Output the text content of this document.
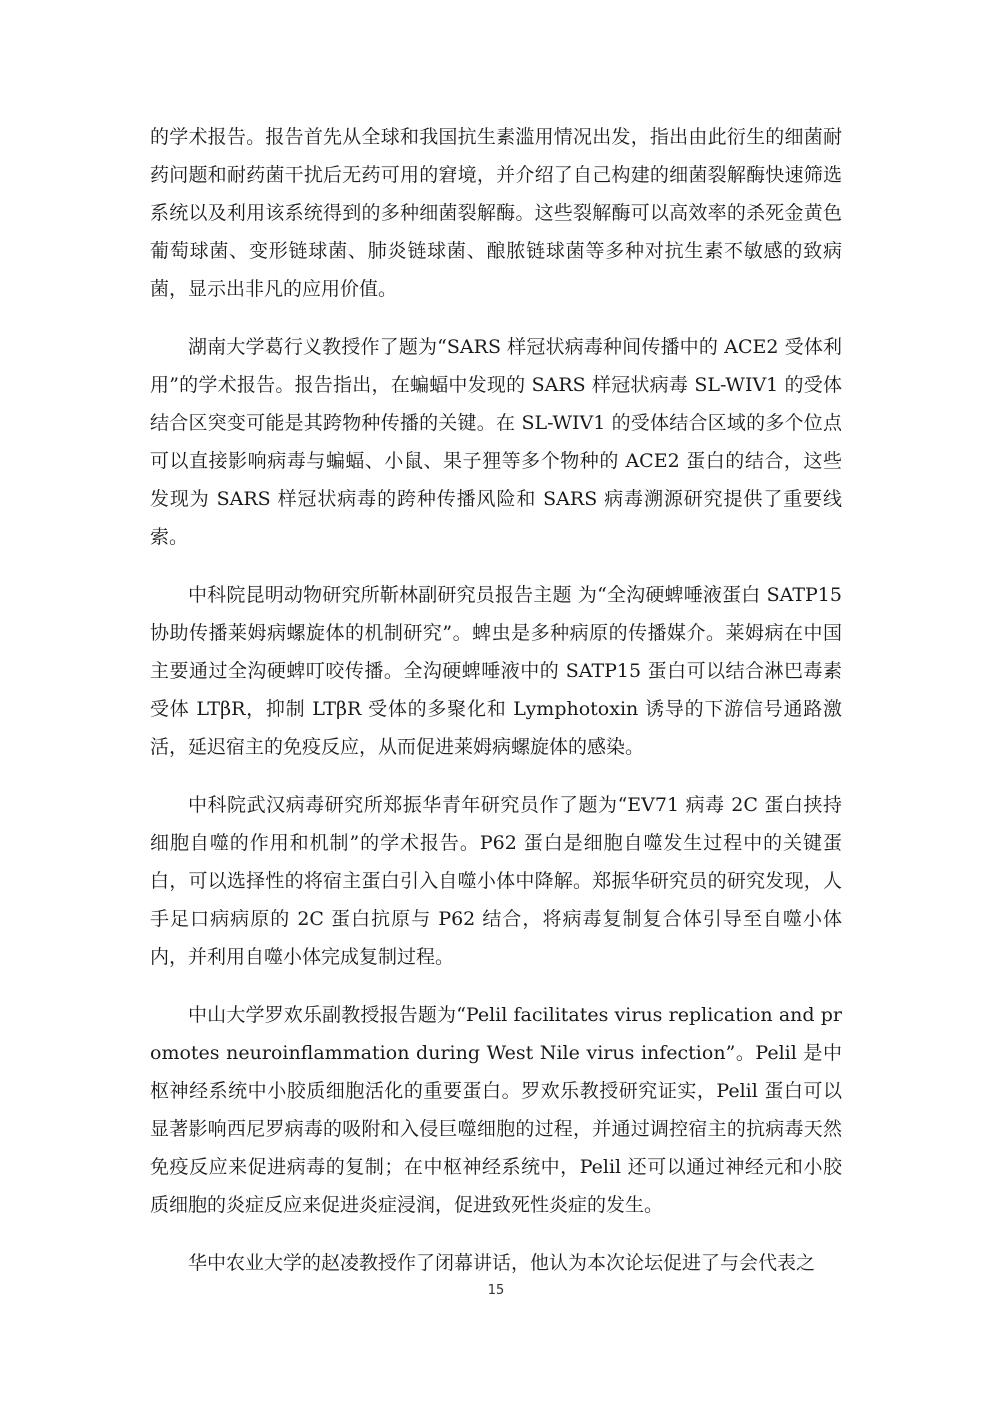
的学术报告。报告首先从全球和我国抗生素滥用情况出发，指出由此衍生的细菌耐药问题和耐药菌干扰后无药可用的窘境，并介绍了自己构建的细菌裂解酶快速筛选系统以及利用该系统得到的多种细菌裂解酶。这些裂解酶可以高效率的杀死金黄色葡萄球菌、变形链球菌、肺炎链球菌、酿脓链球菌等多种对抗生素不敏感的致病菌，显示出非凡的应用价值。

湖南大学葛行义教授作了题为“SARS 样冠状病毒种间传播中的 ACE2 受体利用”的学术报告。报告指出，在蝙蝠中发现的 SARS 样冠状病毒 SL-WIV1 的受体结合区突变可能是其跨物种传播的关键。在 SL-WIV1 的受体结合区域的多个位点可以直接影响病毒与蝙蝠、小鼠、果子狸等多个物种的 ACE2 蛋白的结合，这些发现为 SARS 样冠状病毒的跨种传播风险和 SARS 病毒溯源研究提供了重要线索。

中科院昆明动物研究所靳林副研究员报告主题 为“全沟硬蜱唾液蛋白 SATP15 协助传播莱姆病螺旋体的机制研究”。蜱虫是多种病原的传播媒介。莱姆病在中国主要通过全沟硬蜱叮咬传播。全沟硬蜱唾液中的 SATP15 蛋白可以结合淋巴毒素受体 LTβR，抑制 LTβR 受体的多聚化和 Lymphotoxin 诱导的下游信号通路激活，延迟宿主的免疫反应，从而促进莱姆病螺旋体的感染。

中科院武汉病毒研究所郑振华青年研究员作了题为“EV71 病毒 2C 蛋白挟持细胞自噬的作用和机制”的学术报告。P62 蛋白是细胞自噬发生过程中的关键蛋白，可以选择性的将宿主蛋白引入自噬小体中降解。郑振华研究员的研究发现，人手足口病病原的 2C 蛋白抗原与 P62 结合，将病毒复制复合体引导至自噬小体内，并利用自噬小体完成复制过程。

中山大学罗欢乐副教授报告题为“Pelil facilitates virus replication and promotes neuroinflammation during West Nile virus infection”。Pelil 是中枢神经系统中小胶质细胞活化的重要蛋白。罗欢乐教授研究证实，Pelil 蛋白可以显著影响西尼罗病毒的吸附和入侵巨噬细胞的过程，并通过调控宿主的抗病毒天然免疫反应来促进病毒的复制；在中枢神经系统中，Pelil 还可以通过神经元和小胶质细胞的炎症反应来促进炎症浸润，促进致死性炎症的发生。

华中农业大学的赵凌教授作了闭幕讲话，他认为本次论坛促进了与会代表之

15
